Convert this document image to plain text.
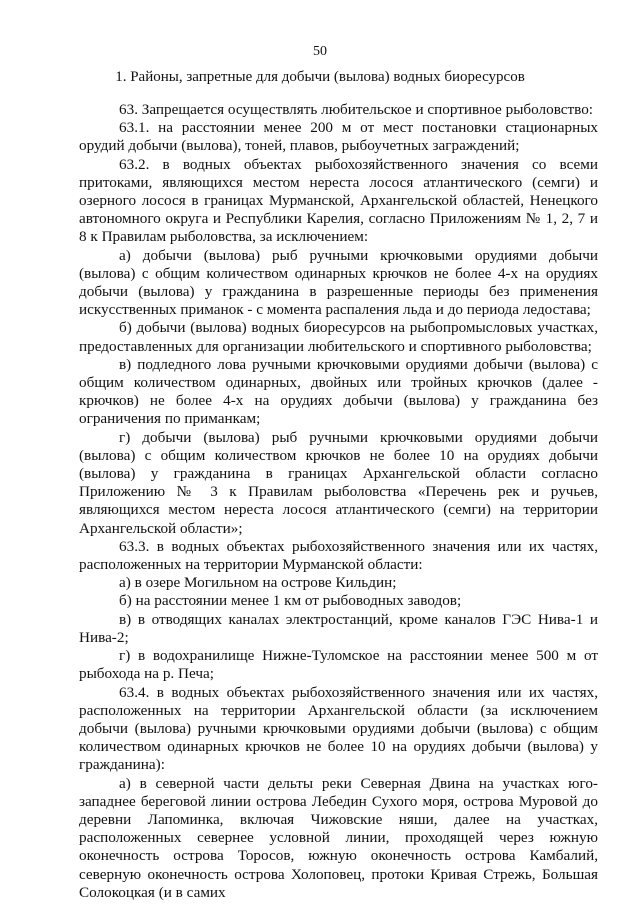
50
1. Районы, запретные для добычи (вылова) водных биоресурсов

63. Запрещается осуществлять любительское и спортивное рыболовство:

63.1. на расстоянии менее 200 м от мест постановки стационарных орудий добычи (вылова), тоней, плавов, рыбоучетных заграждений;

63.2. в водных объектах рыбохозяйственного значения со всеми притоками, являющихся местом нереста лосося атлантического (семги) и озерного лосося в границах Мурманской, Архангельской областей, Ненецкого автономного округа и Республики Карелия, согласно Приложениям № 1, 2, 7 и 8 к Правилам рыболовства, за исключением:

а) добычи (вылова) рыб ручными крючковыми орудиями добычи (вылова) с общим количеством одинарных крючков не более 4-х на орудиях добычи (вылова) у гражданина в разрешенные периоды без применения искусственных приманок - с момента распаления льда и до периода ледостава;

б) добычи (вылова) водных биоресурсов на рыбопромысловых участках, предоставленных для организации любительского и спортивного рыболовства;

в) подледного лова ручными крючковыми орудиями добычи (вылова) с общим количеством одинарных, двойных или тройных крючков (далее - крючков) не более 4-х на орудиях добычи (вылова) у гражданина без ограничения по приманкам;

г) добычи (вылова) рыб ручными крючковыми орудиями добычи (вылова) с общим количеством крючков не более 10 на орудиях добычи (вылова) у гражданина в границах Архангельской области согласно Приложению № 3 к Правилам рыболовства «Перечень рек и ручьев, являющихся местом нереста лосося атлантического (семги) на территории Архангельской области»;

63.3. в водных объектах рыбохозяйственного значения или их частях, расположенных на территории Мурманской области:

а) в озере Могильном на острове Кильдин;

б) на расстоянии менее 1 км от рыбоводных заводов;

в) в отводящих каналах электростанций, кроме каналов ГЭС Нива-1 и Нива-2;

г) в водохранилище Нижне-Туломское на расстоянии менее 500 м от рыбохода на р. Печа;

63.4. в водных объектах рыбохозяйственного значения или их частях, расположенных на территории Архангельской области (за исключением добычи (вылова) ручными крючковыми орудиями добычи (вылова) с общим количеством одинарных крючков не более 10 на орудиях добычи (вылова) у гражданина):

а) в северной части дельты реки Северная Двина на участках юго-западнее береговой линии острова Лебедин Сухого моря, острова Муровой до деревни Лапоминка, включая Чижовские няши, далее на участках, расположенных севернее условной линии, проходящей через южную оконечность острова Торосов, южную оконечность острова Камбалий, северную оконечность острова Холоповец, протоки Кривая Стрежь, Большая Солокоцкая (и в самих
